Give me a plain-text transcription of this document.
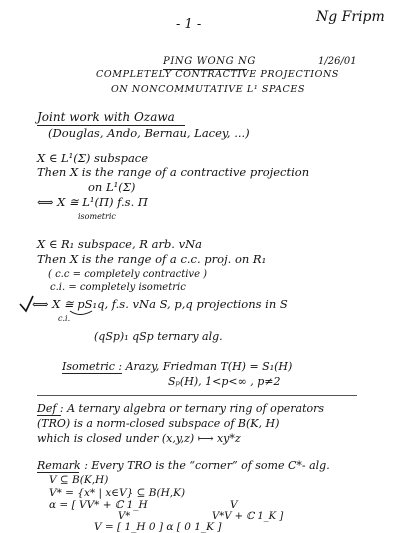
- 1 -	Ng Fripm
PING WONG NG	1/26/01
COMPLETELY CONTRACTIVE PROJECTIONS
ON NONCOMMUTATIVE L¹ SPACES
Joint work with Ozawa
(Douglas, Ando, Bernau, Lacey, ...)
X ∈ L¹(Σ) subspace
Then X is the range of a contractive projection
on L¹(Σ)
⟺ X ≅ L¹(Π) f.s. Π
isometric
X ∈ R₁ subspace, R arb. vNa
Then X is the range of a c.c. proj. on R₁
( c.c = completely contractive )
c.i. = completely isometric
⟺ X ≅ pS₁q, f.s. vNa S, p,q projections in S
c.i.
(qSp)₁ qSp ternary alg.
Isometric : Arazy, Friedman T(H) = S₁(H)
Sₚ(H), 1<p<∞ , p≠2
Def : A ternary algebra or ternary ring of operators
(TRO) is a norm-closed subspace of B(K, H)
which is closed under (x,y,z) ⟼ xy*z
Remark : Every TRO is the “corner” of some C*- alg.
V ⊆ B(K,H)
V* = {x* | x∈V} ⊆ B(H,K)
α = [ VV* + ℂ 1_H	V
V*	V*V + ℂ 1_K ]
V = [ 1_H 0 ] α [ 0 1_K ]
